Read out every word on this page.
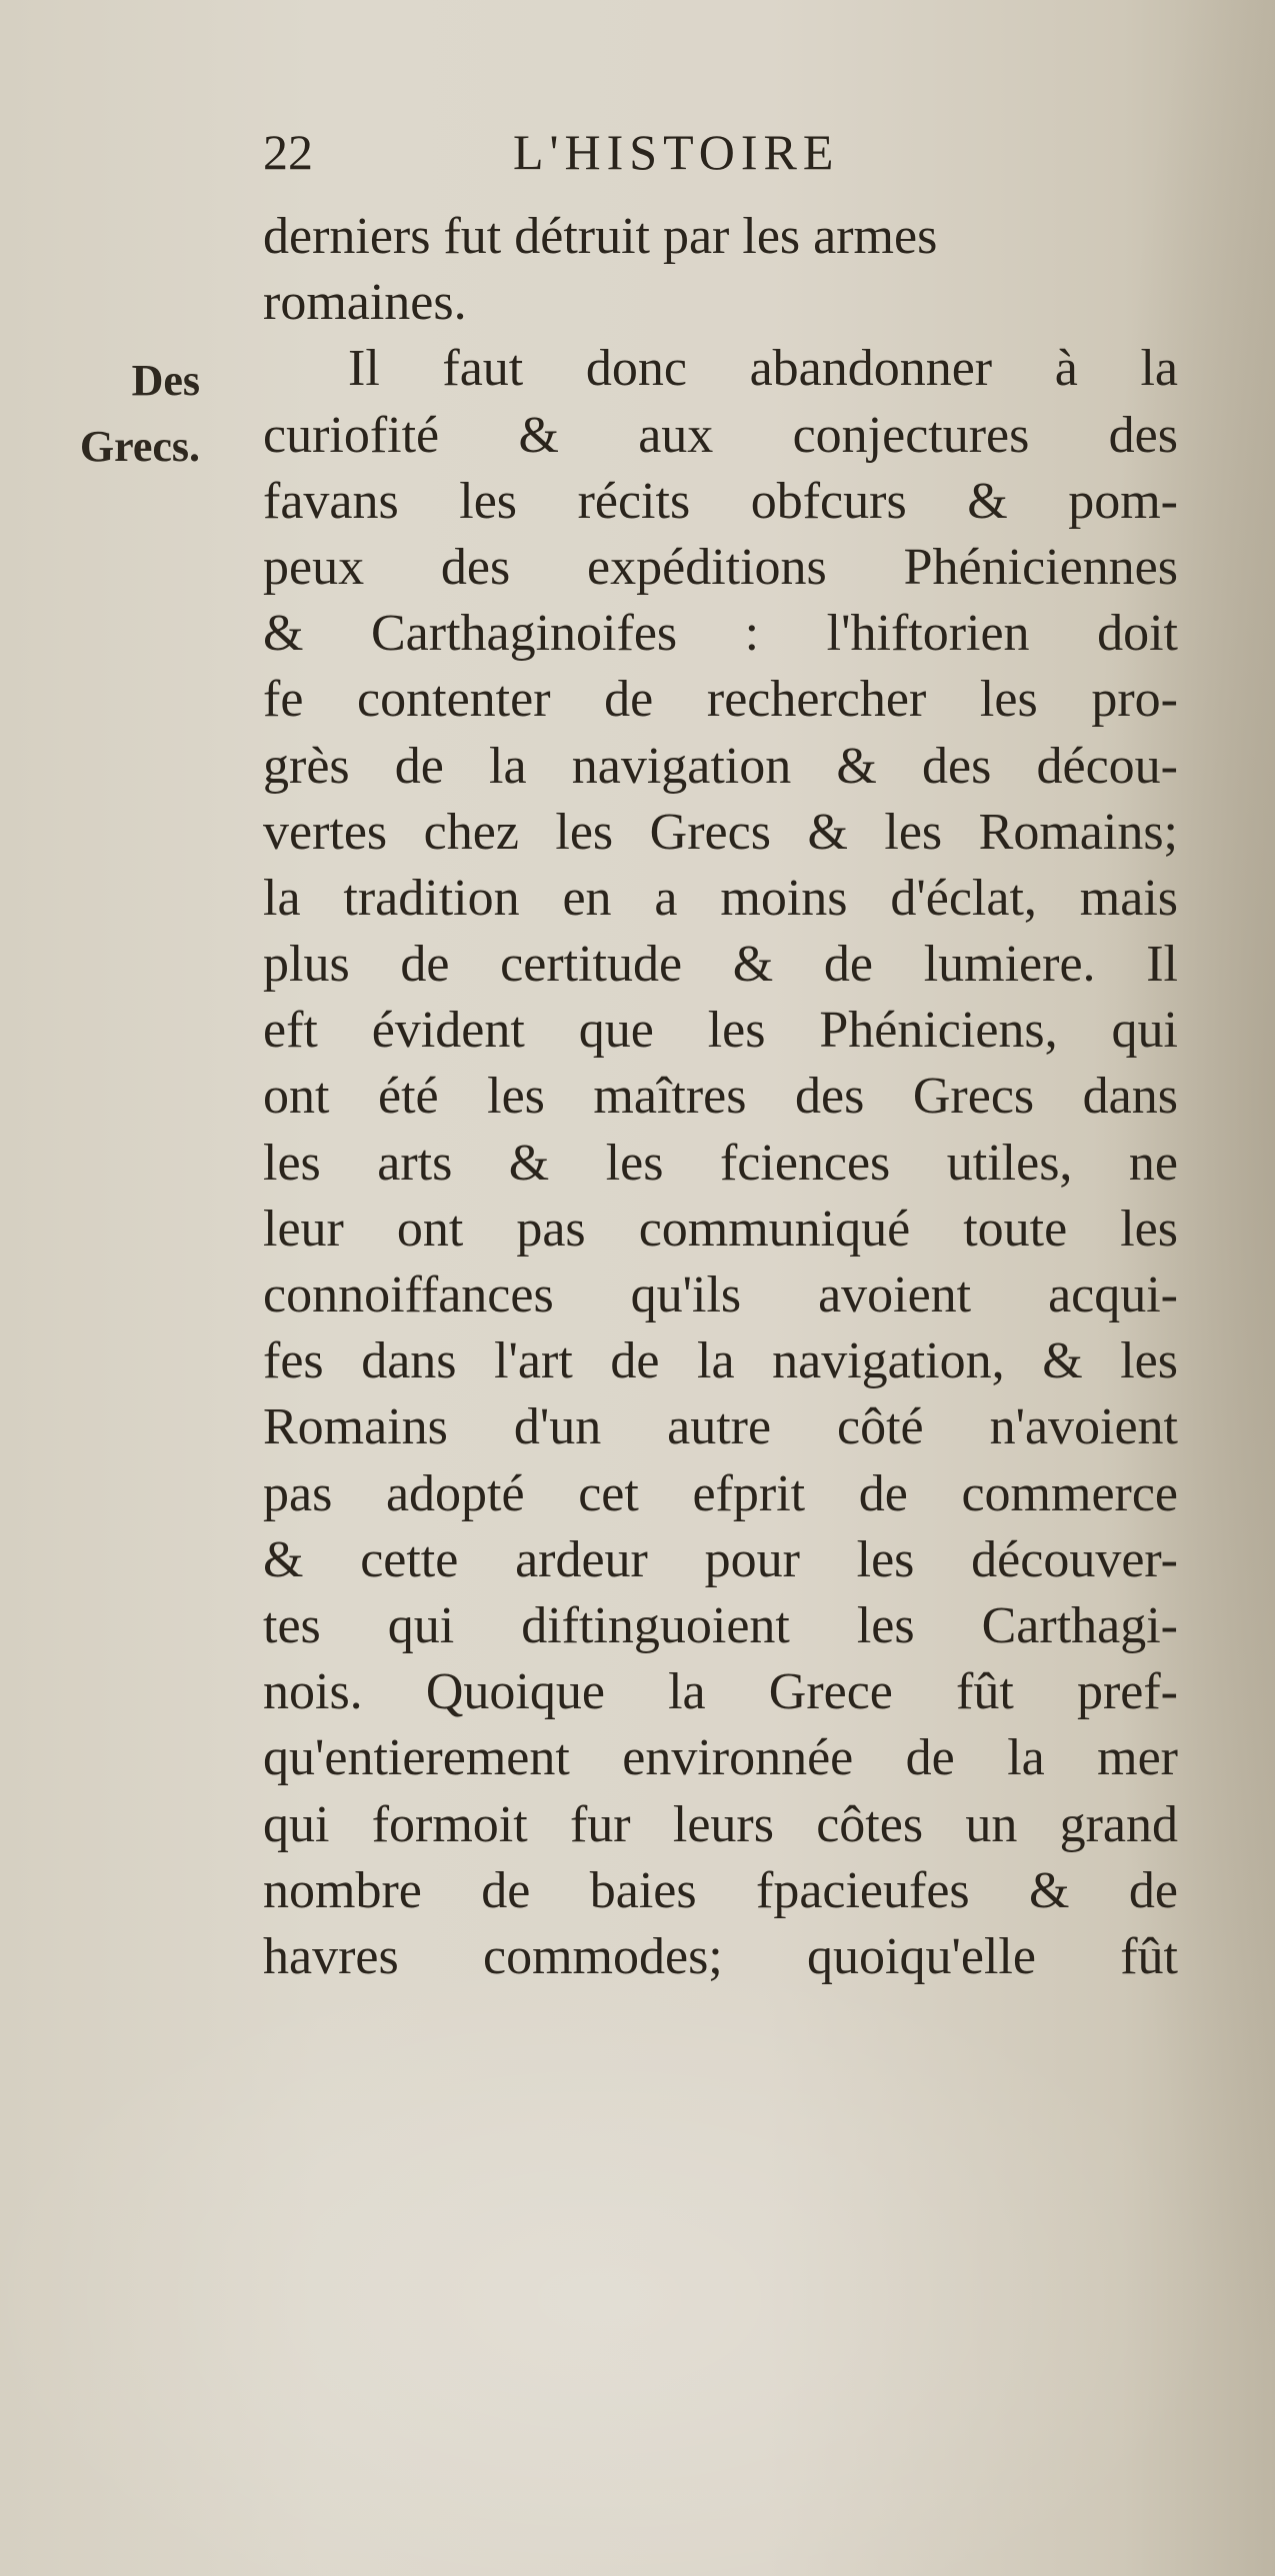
22	L'HISTOIRE
Des
Grecs.
derniers fut détruit par les armes
romaines.
Il faut donc abandonner à la
curiofité & aux conjectures des
favans les récits obfcurs & pom-
peux des expéditions Phéniciennes
& Carthaginoifes : l'hiftorien doit
fe contenter de rechercher les pro-
grès de la navigation & des décou-
vertes chez les Grecs & les Romains;
la tradition en a moins d'éclat, mais
plus de certitude & de lumiere. Il
eft évident que les Phéniciens, qui
ont été les maîtres des Grecs dans
les arts & les fciences utiles, ne
leur ont pas communiqué toute les
connoiffances qu'ils avoient acqui-
fes dans l'art de la navigation, & les
Romains d'un autre côté n'avoient
pas adopté cet efprit de commerce
& cette ardeur pour les découver-
tes qui diftinguoient les Carthagi-
nois. Quoique la Grece fût pref-
qu'entierement environnée de la mer
qui formoit fur leurs côtes un grand
nombre de baies fpacieufes & de
havres commodes; quoiqu'elle fût
